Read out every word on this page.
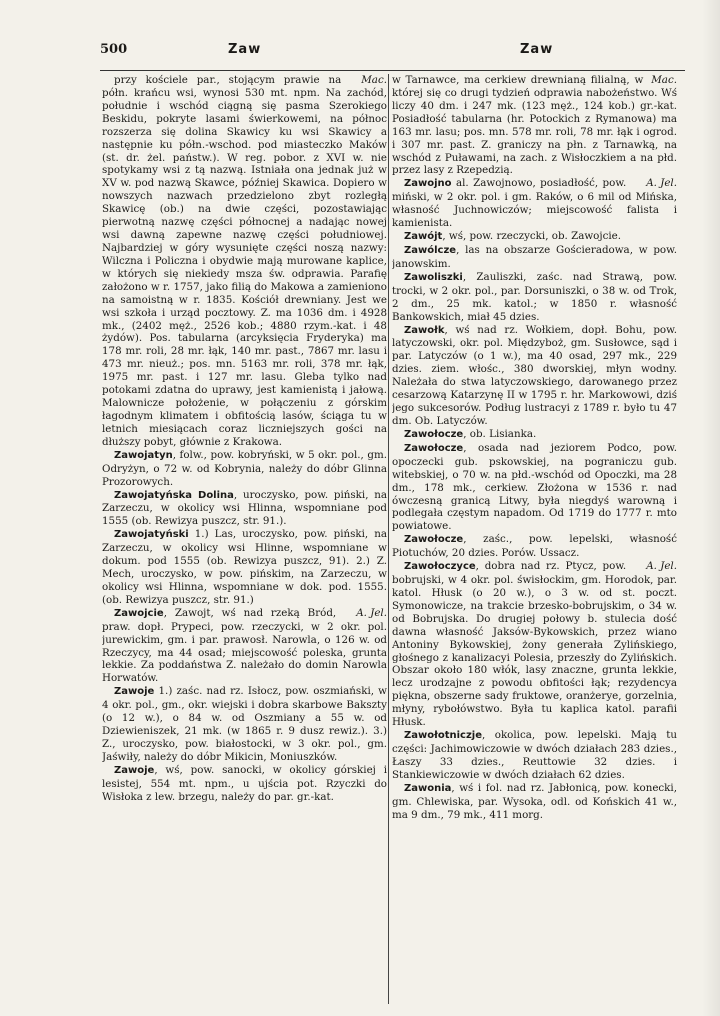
500	Zaw	Zaw

Mac.
przy kościele par., stojącym prawie na półn. krańcu wsi, wynosi 530 mt. npm. Na zachód, południe i wschód ciągną się pasma Szerokiego Beskidu, pokryte lasami świerkowemi, na północ rozszerza się dolina Skawicy ku wsi Skawicy a następnie ku półn.-wschod. pod miasteczko Maków (st. dr. żel. państw.). W reg. pobor. z XVI w. nie spotykamy wsi z tą nazwą. Istniała ona jednak już w XV w. pod nazwą Skawce, później Skawica. Dopiero w nowszych nazwach przedzielono zbyt rozległą Skawicę (ob.) na dwie części, pozostawiając pierwotną nazwę części północnej a nadając nowej wsi dawną zapewne nazwę części południowej. Najbardziej w góry wysunięte części noszą nazwy: Wilczna i Policzna i obydwie mają murowane kaplice, w których się niekiedy msza św. odprawia. Parafię założono w r. 1757, jako filią do Makowa a zamieniono na samoistną w r. 1835. Kościół drewniany. Jest we wsi szkoła i urząd pocztowy. Z. ma 1036 dm. i 4928 mk., (2402 męż., 2526 kob.; 4880 rzym.-kat. i 48 żydów). Pos. tabularna (arcyksięcia Fryderyka) ma 178 mr. roli, 28 mr. łąk, 140 mr. past., 7867 mr. lasu i 473 mr. nieuż.; pos. mn. 5163 mr. roli, 378 mr. łąk, 1975 mr. past. i 127 mr. lasu. Gleba tylko nad potokami zdatna do uprawy, jest kamienistą i jałową. Malownicze położenie, w połączeniu z górskim łagodnym klimatem i obfitością lasów, ściąga tu w letnich miesiącach coraz liczniejszych gości na dłuższy pobyt, głównie z Krakowa.

Zawojatyn, folw., pow. kobryński, w 5 okr. pol., gm. Odryżyn, o 72 w. od Kobrynia, należy do dóbr Glinna Prozorowych.

Zawojatyńska Dolina, uroczysko, pow. piński, na Zarzeczu, w okolicy wsi Hlinna, wspomniane pod 1555 (ob. Rewizya puszcz, str. 91.).

Zawojatyński 1.) Las, uroczysko, pow. piński, na Zarzeczu, w okolicy wsi Hlinne, wspomniane w dokum. pod 1555 (ob. Rewizya puszcz, 91). 2.) Z. Mech, uroczysko, w pow. pińskim, na Zarzeczu, w okolicy wsi Hlinna, wspomniane w dok. pod. 1555. (ob. Rewizya puszcz, str. 91.)

A. Jel.
Zawojcie, Zawojt, wś nad rzeką Bród, praw. dopł. Prypeci, pow. rzeczycki, w 2 okr. pol. jurewickim, gm. i par. prawosł. Narowla, o 126 w. od Rzeczycy, ma 44 osad; miejscowość poleska, grunta lekkie. Za poddaństwa Z. należało do domin Narowla Horwatów.

Zawoje 1.) zaśc. nad rz. Isłocz, pow. oszmiański, w 4 okr. pol., gm., okr. wiejski i dobra skarbowe Bakszty (o 12 w.), o 84 w. od Oszmiany a 55 w. od Dziewieniszek, 21 mk. (w 1865 r. 9 dusz rewiz.). 3.) Z., uroczysko, pow. białostocki, w 3 okr. pol., gm. Jaświły, należy do dóbr Mikicin, Moniuszków.

Zawoje, wś, pow. sanocki, w okolicy górskiej i lesistej, 554 mt. npm., u ujścia pot. Rzyczki do Wisłoka z lew. brzegu, należy do par. gr.-kat.

Mac.
w Tarnawce, ma cerkiew drewnianą filialną, w której się co drugi tydzień odprawia nabożeństwo. Wś liczy 40 dm. i 247 mk. (123 męż., 124 kob.) gr.-kat. Posiadłość tabularna (hr. Potockich z Rymanowa) ma 163 mr. lasu; pos. mn. 578 mr. roli, 78 mr. łąk i ogrod. i 307 mr. past. Z. graniczy na płn. z Tarnawką, na wschód z Puławami, na zach. z Wisłoczkiem a na płd. przez lasy z Rzepedzią.

A. Jel.
Zawojno al. Zawojnowo, posiadłość, pow. miński, w 2 okr. pol. i gm. Raków, o 6 mil od Mińska, własność Juchnowiczów; miejscowość falista i kamienista.

Zawójt, wś, pow. rzeczycki, ob. Zawojcie.

Zawólcze, las na obszarze Gościeradowa, w pow. janowskim.

Zawoliszki, Zauliszki, zaśc. nad Strawą, pow. trocki, w 2 okr. pol., par. Dorsuniszki, o 38 w. od Trok, 2 dm., 25 mk. katol.; w 1850 r. własność Bankowskich, miał 45 dzies.

Zawołk, wś nad rz. Wołkiem, dopł. Bohu, pow. latyczowski, okr. pol. Międzyboż, gm. Susłowce, sąd i par. Latyczów (o 1 w.), ma 40 osad, 297 mk., 229 dzies. ziem. włośc., 380 dworskiej, młyn wodny. Należała do stwa latyczowskiego, darowanego przez cesarzową Katarzynę II w 1795 r. hr. Markowowi, dziś jego sukcesorów. Podług lustracyi z 1789 r. było tu 47 dm. Ob. Latyczów.

Zawołocze, ob. Lisianka.

Zawołocze, osada nad jeziorem Podco, pow. opoczecki gub. pskowskiej, na pograniczu gub. witebskiej, o 70 w. na płd.-wschód od Opoczki, ma 28 dm., 178 mk., cerkiew. Złożona w 1536 r. nad ówczesną granicą Litwy, była niegdyś warowną i podlegała częstym napadom. Od 1719 do 1777 r. mto powiatowe.

Zawołocze, zaśc., pow. lepelski, własność Piotuchów, 20 dzies. Porów. Ussacz.

A. Jel.
Zawołoczyce, dobra nad rz. Ptycz, pow. bobrujski, w 4 okr. pol. świsłockim, gm. Horodok, par. katol. Hłusk (o 20 w.), o 3 w. od st. poczt. Symonowicze, na trakcie brzesko-bobrujskim, o 34 w. od Bobrujska. Do drugiej połowy b. stulecia dość dawna własność Jaksów-Bykowskich, przez wiano Antoniny Bykowskiej, żony generała Zylińskiego, głośnego z kanalizacyi Polesia, przeszły do Zylińskich. Obszar około 180 włók, lasy znaczne, grunta lekkie, lecz urodzajne z powodu obfitości łąk; rezydencya piękna, obszerne sady fruktowe, oranżerye, gorzelnia, młyny, rybołówstwo. Była tu kaplica katol. parafii Hłusk.

Zawołotniczje, okolica, pow. lepelski. Mają tu części: Jachimowiczowie w dwóch działach 283 dzies., Łaszy 33 dzies., Reuttowie 32 dzies. i Stankiewiczowie w dwóch działach 62 dzies.

Zawonia, wś i fol. nad rz. Jabłonicą, pow. konecki, gm. Chlewiska, par. Wysoka, odl. od Końskich 41 w., ma 9 dm., 79 mk., 411 morg.
